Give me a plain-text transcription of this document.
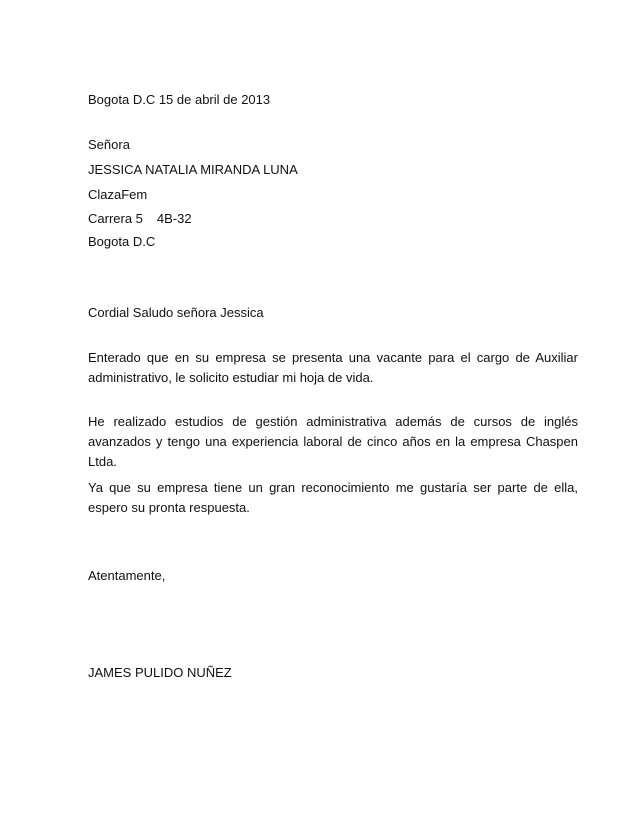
Bogota D.C 15 de abril de 2013
Señora
JESSICA NATALIA MIRANDA LUNA
ClazaFem
Carrera 5 4B-32
Bogota D.C
Cordial Saludo señora Jessica
Enterado que en su empresa se presenta una vacante para el cargo de Auxiliar administrativo, le solicito estudiar mi hoja de vida.
He realizado estudios de gestión administrativa además de cursos de inglés avanzados y tengo una experiencia laboral de cinco años en la empresa Chaspen Ltda.
Ya que su empresa tiene un gran reconocimiento me gustaría ser parte de ella, espero su pronta respuesta.
Atentamente,
JAMES PULIDO NUÑEZ
